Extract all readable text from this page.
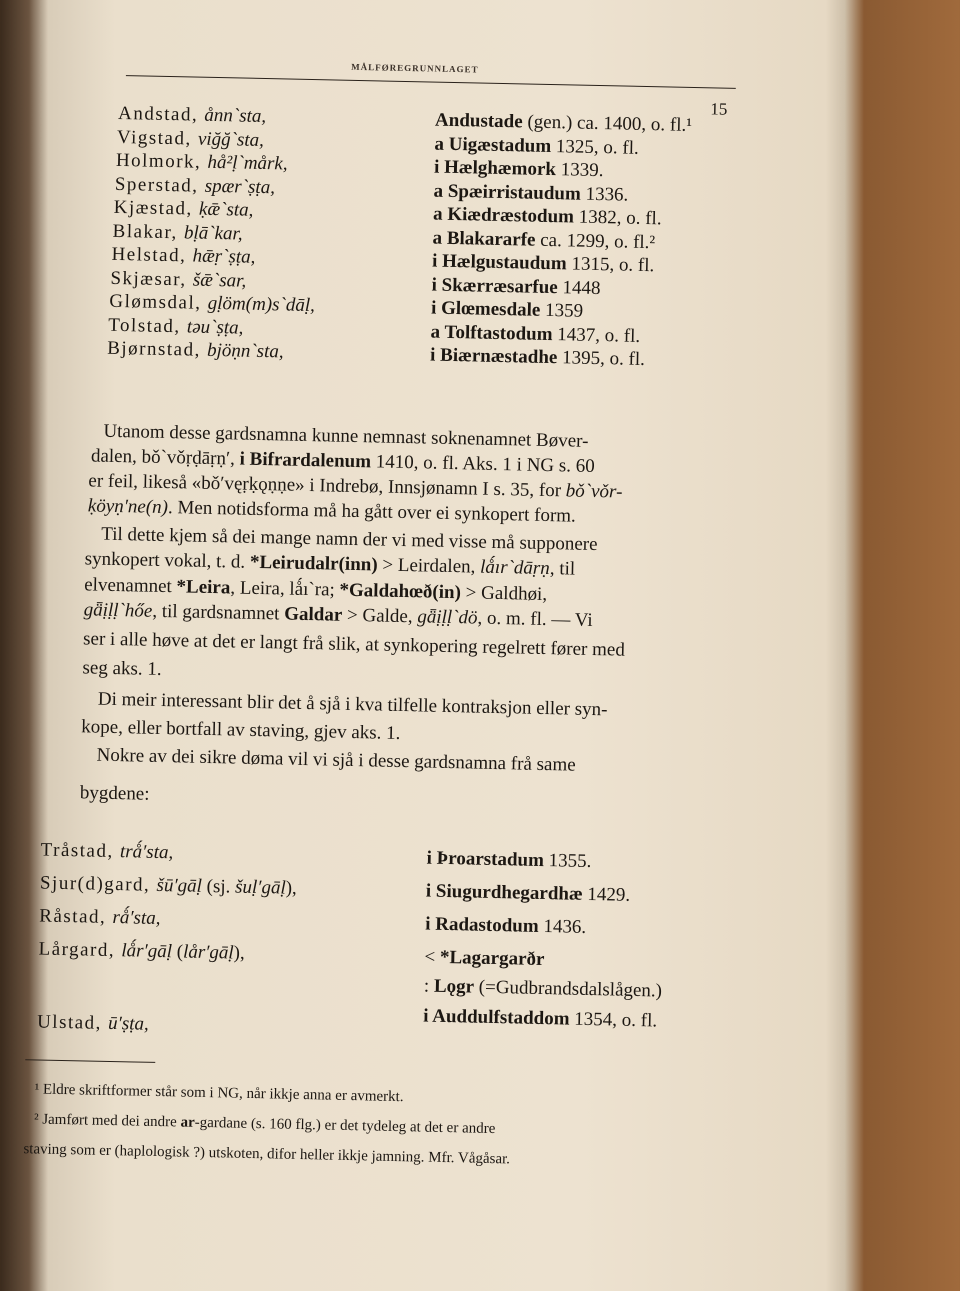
MÅLFØREGRUNNLAGET
15
Andstad, ånn`sta,	Andustade (gen.) ca. 1400, o. fl.¹
Vigstad, viğğ`sta,	a Uigæstadum 1325, o. fl.
Holmork, hå²ḷ`mårk,	i Hælghæmork 1339.
Sperstad, spær`ṣṭa,	a Spæirristaudum 1336.
Kjæstad, ḳǣ`sta,	a Kiædræstodum 1382, o. fl.
Blakar, bḷā`kar,	a Blakararfe ca. 1299, o. fl.²
Helstad, hǣṛ`ṣṭa,	i Hælgustaudum 1315, o. fl.
Skjæsar, šǣ`sar,	i Skærræsarfue 1448
Glømsdal, gḷöm(m)s`dāḷ,	i Glœmesdale 1359
Tolstad, təu`ṣṭa,	a Tolftastodum 1437, o. fl.
Bjørnstad, bjöṇn`sta,	i Biærnæstadhe 1395, o. fl.
Utanom desse gardsnamna kunne nemnast soknenamnet Bøver-
dalen, bǒ`vǒṛḍāṛṇ′, i Bifrardalenum 1410, o. fl. Aks. 1 i NG s. 60
er feil, likeså «bǒ′vęṛḳǫṇṇe» i Indrebø, Innsjønamn I s. 35, for bǒ`vǒr-
ḳöyṇ′ne(n). Men notidsforma må ha gått over ei synkopert form.
Til dette kjem så dei mange namn der vi med visse må supponere
synkopert vokal, t. d. *Leirudalr(inn) > Leirdalen, lǻır`dāṛṇ, til
elvenamnet *Leira, Leira, lǻı`ra; *Galdahœð(in) > Galdhøi,
gǟịḷḷ`hőe, til gardsnamnet Galdar > Galde, gǟịḷḷ`dö, o. m. fl. — Vi
ser i alle høve at det er langt frå slik, at synkopering regelrett fører med
seg aks. 1.
Di meir interessant blir det å sjå i kva tilfelle kontraksjon eller syn-
kope, eller bortfall av staving, gjev aks. 1.
Nokre av dei sikre døma vil vi sjå i desse gardsnamna frå same
bygdene:
Tråstad, trǻ′sta,	i Þroarstadum 1355.
Sjur(d)gard, šū′gāḷ (sj. šuḷ′gāḷ),	i Siugurdhegardhæ 1429.
Råstad, rǻ′sta,	i Radastodum 1436.
Lårgard, lǻr′gāḷ (lår′gāḷ),	< *Lagargarðr
: Lǫgr (=Gudbrandsdalslågen.)
Ulstad, ū′ṣṭa,	i Auddulfstaddom 1354, o. fl.
¹ Eldre skriftformer står som i NG, når ikkje anna er avmerkt.
² Jamført med dei andre ar-gardane (s. 160 flg.) er det tydeleg at det er andre
staving som er (haplologisk ?) utskoten, difor heller ikkje jamning. Mfr. Vågåsar.
